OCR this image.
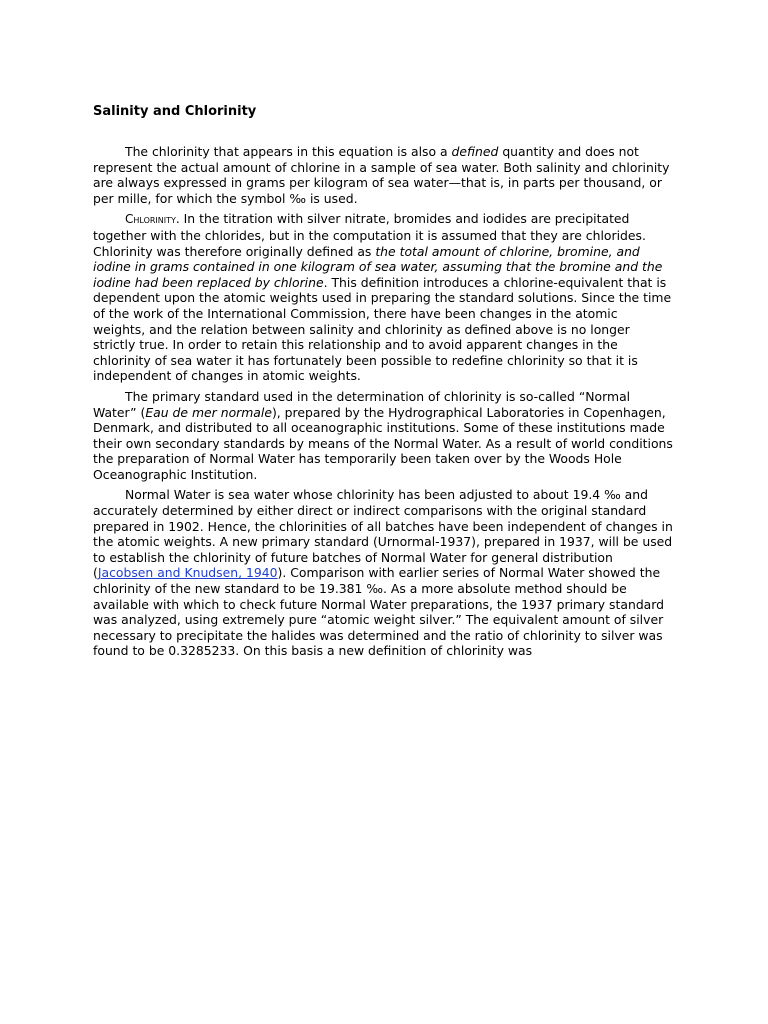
Salinity and Chlorinity

The chlorinity that appears in this equation is also a defined quantity and does not represent the actual amount of chlorine in a sample of sea water. Both salinity and chlorinity are always expressed in grams per kilogram of sea water—that is, in parts per thousand, or per mille, for which the symbol ‰ is used.

Chlorinity. In the titration with silver nitrate, bromides and iodides are precipitated together with the chlorides, but in the computation it is assumed that they are chlorides. Chlorinity was therefore originally defined as the total amount of chlorine, bromine, and iodine in grams contained in one kilogram of sea water, assuming that the bromine and the iodine had been replaced by chlorine. This definition introduces a chlorine-equivalent that is dependent upon the atomic weights used in preparing the standard solutions. Since the time of the work of the International Commission, there have been changes in the atomic weights, and the relation between salinity and chlorinity as defined above is no longer strictly true. In order to retain this relationship and to avoid apparent changes in the chlorinity of sea water it has fortunately been possible to redefine chlorinity so that it is independent of changes in atomic weights.

The primary standard used in the determination of chlorinity is so-called “Normal Water” (Eau de mer normale), prepared by the Hydrographical Laboratories in Copenhagen, Denmark, and distributed to all oceanographic institutions. Some of these institutions made their own secondary standards by means of the Normal Water. As a result of world conditions the preparation of Normal Water has temporarily been taken over by the Woods Hole Oceanographic Institution.

Normal Water is sea water whose chlorinity has been adjusted to about 19.4 ‰ and accurately determined by either direct or indirect comparisons with the original standard prepared in 1902. Hence, the chlorinities of all batches have been independent of changes in the atomic weights. A new primary standard (Urnormal-1937), prepared in 1937, will be used to establish the chlorinity of future batches of Normal Water for general distribution (Jacobsen and Knudsen, 1940). Comparison with earlier series of Normal Water showed the chlorinity of the new standard to be 19.381 ‰. As a more absolute method should be available with which to check future Normal Water preparations, the 1937 primary standard was analyzed, using extremely pure “atomic weight silver.” The equivalent amount of silver necessary to precipitate the halides was determined and the ratio of chlorinity to silver was found to be 0.3285233. On this basis a new definition of chlorinity was
